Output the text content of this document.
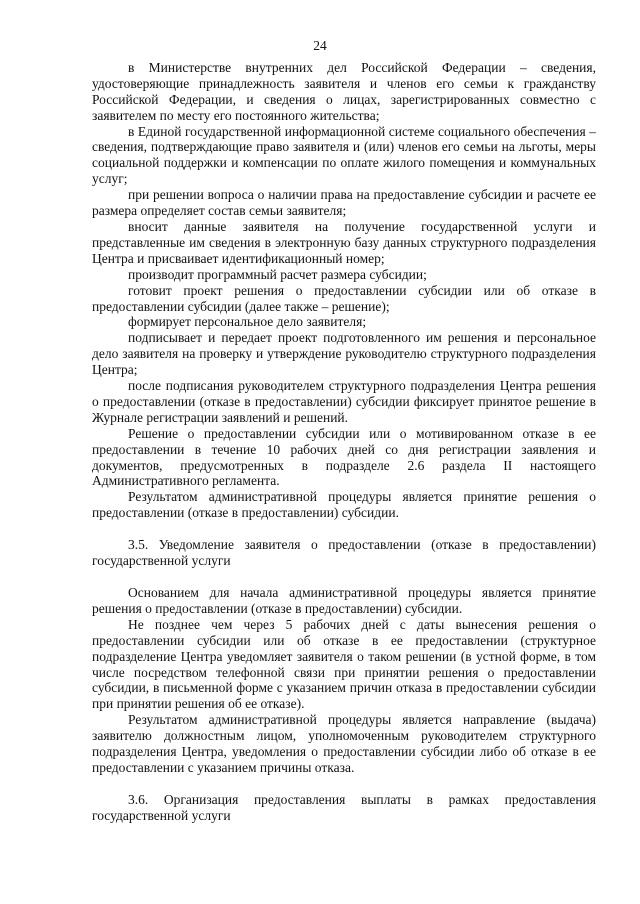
24

в Министерстве внутренних дел Российской Федерации – сведения, удостоверяющие принадлежность заявителя и членов его семьи к гражданству Российской Федерации, и сведения о лицах, зарегистрированных совместно с заявителем по месту его постоянного жительства;

в Единой государственной информационной системе социального обеспечения – сведения, подтверждающие право заявителя и (или) членов его семьи на льготы, меры социальной поддержки и компенсации по оплате жилого помещения и коммунальных услуг;

при решении вопроса о наличии права на предоставление субсидии и расчете ее размера определяет состав семьи заявителя;

вносит данные заявителя на получение государственной услуги и представленные им сведения в электронную базу данных структурного подразделения Центра и присваивает идентификационный номер;

производит программный расчет размера субсидии;

готовит проект решения о предоставлении субсидии или об отказе в предоставлении субсидии (далее также – решение);

формирует персональное дело заявителя;

подписывает и передает проект подготовленного им решения и персональное дело заявителя на проверку и утверждение руководителю структурного подразделения Центра;

после подписания руководителем структурного подразделения Центра решения о предоставлении (отказе в предоставлении) субсидии фиксирует принятое решение в Журнале регистрации заявлений и решений.

Решение о предоставлении субсидии или о мотивированном отказе в ее предоставлении в течение 10 рабочих дней со дня регистрации заявления и документов, предусмотренных в подразделе 2.6 раздела II настоящего Административного регламента.

Результатом административной процедуры является принятие решения о предоставлении (отказе в предоставлении) субсидии.

3.5. Уведомление заявителя о предоставлении (отказе в предоставлении) государственной услуги

Основанием для начала административной процедуры является принятие решения о предоставлении (отказе в предоставлении) субсидии.

Не позднее чем через 5 рабочих дней с даты вынесения решения о предоставлении субсидии или об отказе в ее предоставлении (структурное подразделение Центра уведомляет заявителя о таком решении (в устной форме, в том числе посредством телефонной связи при принятии решения о предоставлении субсидии, в письменной форме с указанием причин отказа в предоставлении субсидии при принятии решения об ее отказе).

Результатом административной процедуры является направление (выдача) заявителю должностным лицом, уполномоченным руководителем структурного подразделения Центра, уведомления о предоставлении субсидии либо об отказе в ее предоставлении с указанием причины отказа.

3.6. Организация предоставления выплаты в рамках предоставления государственной услуги
